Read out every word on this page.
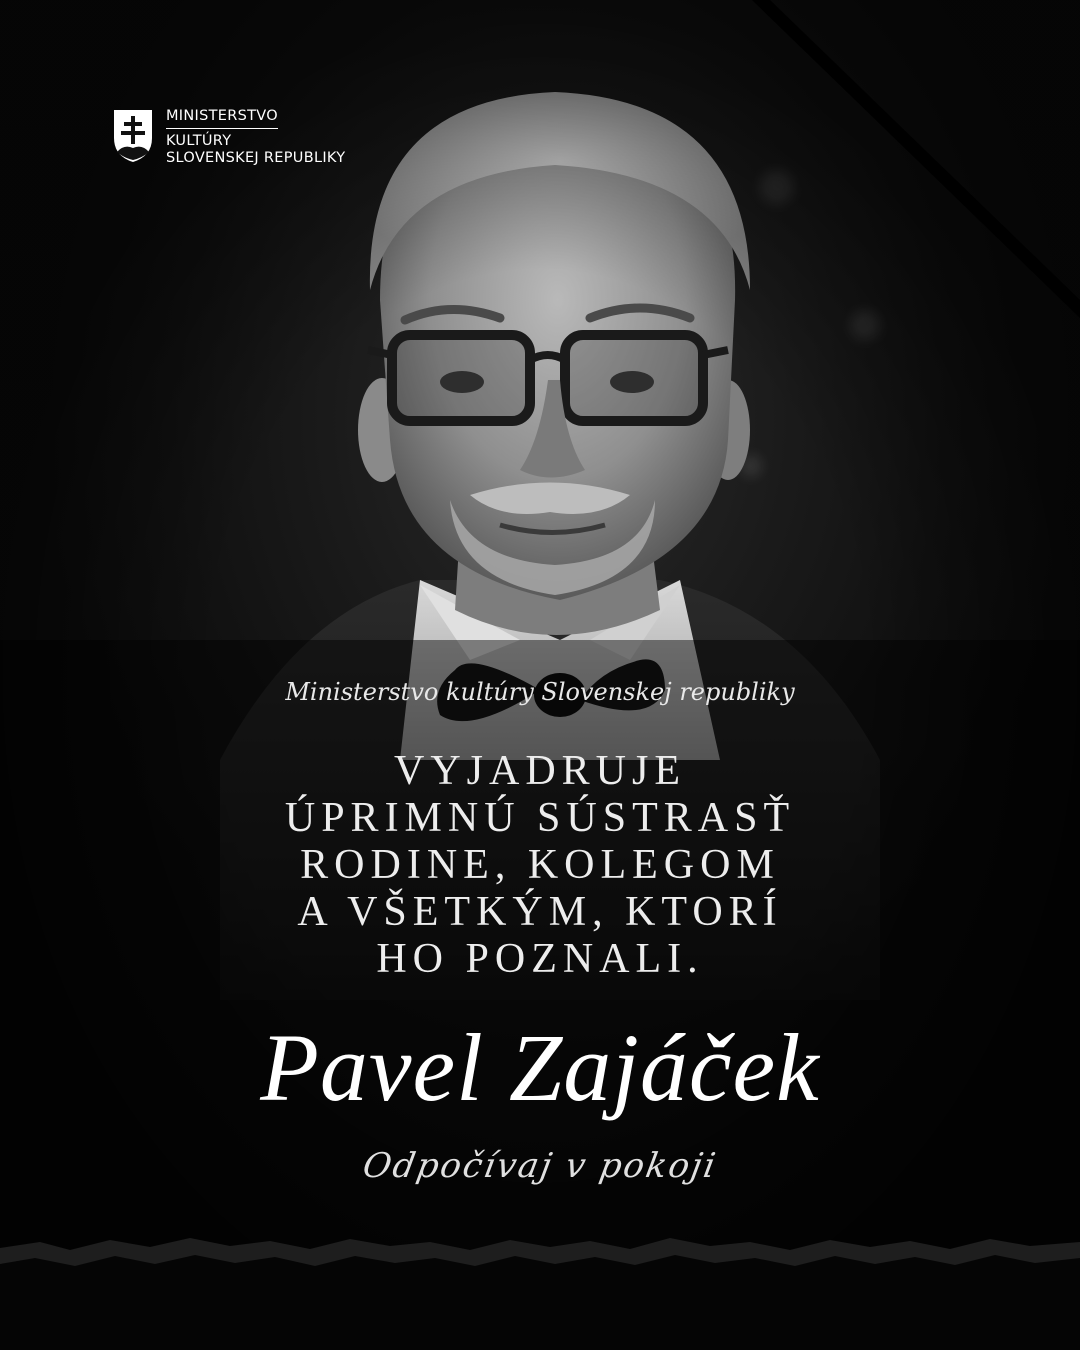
MINISTERSTVO
KULTÚRY
SLOVENSKEJ REPUBLIKY
Ministerstvo kultúry Slovenskej republiky
VYJADRUJE
ÚPRIMNÚ SÚSTRASŤ
RODINE, KOLEGOM
A VŠETKÝM, KTORÍ
HO POZNALI.
Pavel Zajáček
Odpočívaj v pokoji
